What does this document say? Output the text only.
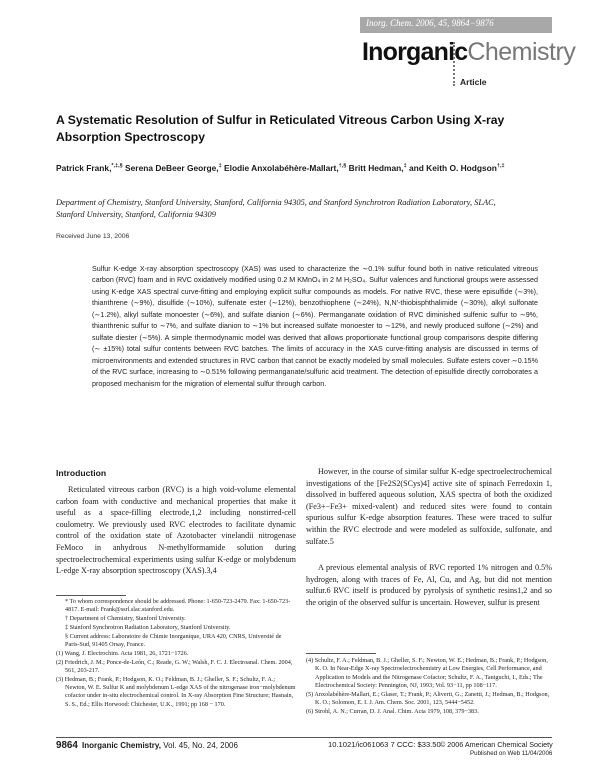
Inorg. Chem. 2006, 45, 9864−9876
InorganicChemistry
Article
A Systematic Resolution of Sulfur in Reticulated Vitreous Carbon Using X-ray Absorption Spectroscopy
Patrick Frank,*,‡,§ Serena DeBeer George,‡ Elodie Anxolabéhère-Mallart,†,§ Britt Hedman,‡ and Keith O. Hodgson†,‡
Department of Chemistry, Stanford University, Stanford, California 94305, and Stanford Synchrotron Radiation Laboratory, SLAC, Stanford University, Stanford, California 94309
Received June 13, 2006
Sulfur K-edge X-ray absorption spectroscopy (XAS) was used to characterize the ∼0.1% sulfur found both in native reticulated vitreous carbon (RVC) foam and in RVC oxidatively modified using 0.2 M KMnO₄ in 2 M H₂SO₄. Sulfur valences and functional groups were assessed using K-edge XAS spectral curve-fitting and employing explicit sulfur compounds as models. For native RVC, these were episulfide (∼3%), thianthrene (∼9%), disulfide (∼10%), sulfenate ester (∼12%), benzothiophene (∼24%), N,N′-thiobisphthalimide (∼30%), alkyl sulfonate (∼1.2%), alkyl sulfate monoester (∼6%), and sulfate dianion (∼6%). Permanganate oxidation of RVC diminished sulfenic sulfur to ∼9%, thianthrenic sulfur to ∼7%, and sulfate dianion to ∼1% but increased sulfate monoester to ∼12%, and newly produced sulfone (∼2%) and sulfate diester (∼5%). A simple thermodynamic model was derived that allows proportionate functional group comparisons despite differing (∼ ±15%) total sulfur contents between RVC batches. The limits of accuracy in the XAS curve-fitting analysis are discussed in terms of microenvironments and extended structures in RVC carbon that cannot be exactly modeled by small molecules. Sulfate esters cover ∼0.15% of the RVC surface, increasing to ∼0.51% following permanganate/sulfuric acid treatment. The detection of episulfide directly corroborates a proposed mechanism for the migration of elemental sulfur through carbon.
Introduction
Reticulated vitreous carbon (RVC) is a high void-volume elemental carbon foam with conductive and mechanical properties that make it useful as a space-filling electrode,1,2 including nonstirred-cell coulometry. We previously used RVC electrodes to facilitate dynamic control of the oxidation state of Azotobacter vinelandii nitrogenase FeMoco in anhydrous N-methylformamide solution during spectroelectrochemical experiments using sulfur K-edge or molybdenum L-edge X-ray absorption spectroscopy (XAS).3,4

* To whom correspondence should be addressed. Phone: 1-650-723-2479. Fax: 1-650-723-4817. E-mail: Frank@ssrl.slac.stanford.edu.

† Department of Chemistry, Stanford University.

‡ Stanford Synchrotron Radiation Laboratory, Stanford University.

§ Current address: Laboratoire de Chimie Inorganique, URA 420, CNRS, Université de Paris-Sud, 91405 Orsay, France.

(1) Wang, J. Electrochim. Acta 1981, 26, 1721−1726.

(2) Friedrich, J. M.; Ponce-de-León, C.; Reade, G. W.; Walsh, F. C. J. Electroanal. Chem. 2004, 561, 203-217.

(3) Hedman, B.; Frank, P.; Hodgson, K. O.; Feldman, B. J.; Gheller, S. F.; Schultz, F. A.; Newton, W. E. Sulfur K and molybdenum L-edge XAS of the nitrogenase iron−molybdenum cofactor under in-situ electrochemical control. In X-ray Absorption Fine Structure; Hasnain, S. S., Ed.; Ellis Horwood: Chichester, U.K., 1991; pp 168 − 170.

However, in the course of similar sulfur K-edge spectroelectrochemical investigations of the [Fe2S2(SCys)4] active site of spinach Ferredoxin 1, dissolved in buffered aqueous solution, XAS spectra of both the oxidized (Fe3+−Fe3+ mixed-valent) and reduced sites were found to contain spurious sulfur K-edge absorption features. These were traced to sulfur within the RVC electrode and were modeled as sulfoxide, sulfonate, and sulfate.5
A previous elemental analysis of RVC reported 1% nitrogen and 0.5% hydrogen, along with traces of Fe, Al, Cu, and Ag, but did not mention sulfur.6 RVC itself is produced by pyrolysis of synthetic resins1,2 and so the origin of the observed sulfur is uncertain. However, sulfur is present

(4) Schultz, F. A.; Feldman, B. J.; Gheller, S. F.; Newton, W. E.; Hedman, B.; Frank, P.; Hodgson, K. O. In Near-Edge X-ray Spectroelectrochemistry at Low Energies, Cell Performance, and Application to Models and the Nitrogenase Cofactor; Schultz, F. A., Taniguchi, I., Eds.; The Electrochemical Society: Pennington, NJ, 1993; Vol. 93−11, pp 108−117.

(5) Anxolabéhère-Mallart, E.; Glaser, T.; Frank, P.; Aliverti, G.; Zanetti, J.; Hedman, B.; Hodgson, K. O.; Solomon, E. I. J. Am. Chem. Soc. 2001, 123, 5444−5452.

(6) Strohl, A. N.; Curran, D. J. Anal. Chim. Acta 1979, 108, 379−383.

9864 Inorganic Chemistry, Vol. 45, No. 24, 2006	10.1021/ic061063 7 CCC: $33.50 © 2006 American Chemical Society
Published on Web 11/04/2006
